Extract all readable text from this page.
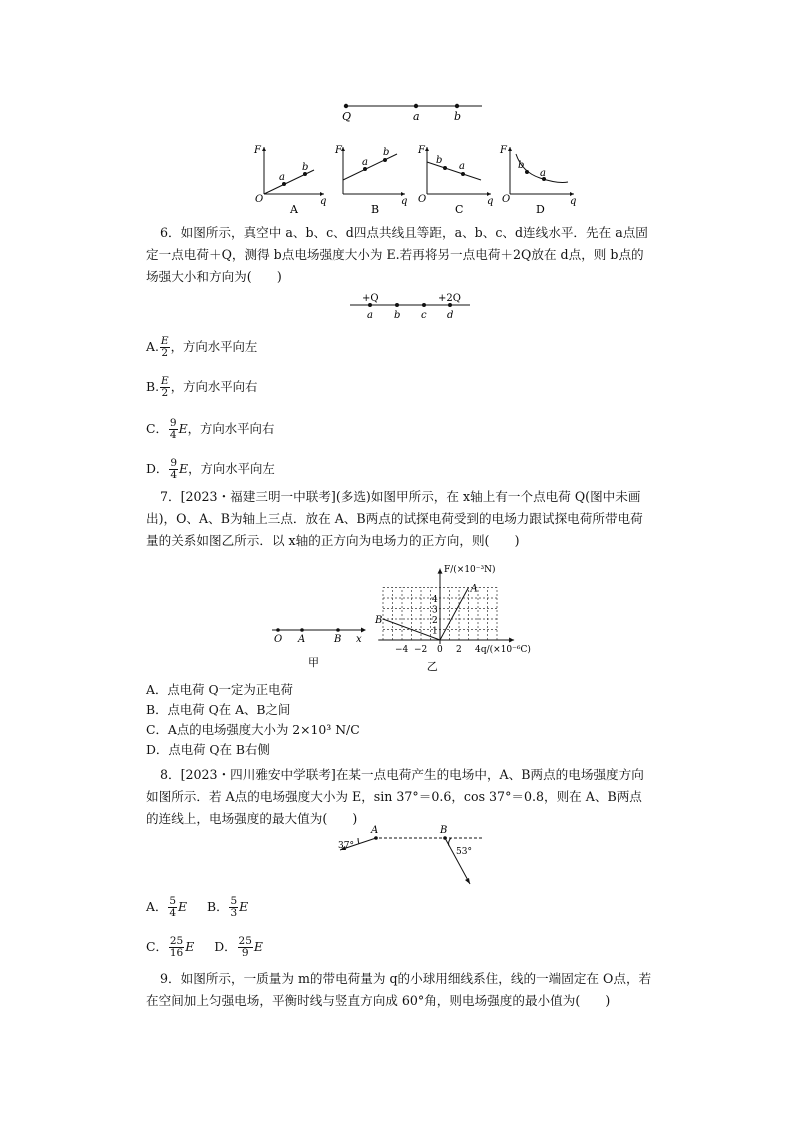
Q	a	b
F
O	q
a
b
A
F
q
a
b
B
F
O	q
b
a
C
F
O	q
b
a
D
6．如图所示，真空中 a、b、c、d四点共线且等距，a、b、c、d连线水平．先在 a点固定一点电荷＋Q，测得 b点电场强度大小为 E.若再将另一点电荷＋2Q放在 d点，则 b点的场强大小和方向为(　　)
+Q	+2Q
a b c d
A. $\frac{E}{2}$ ，方向水平向左
B. $\frac{E}{2}$ ，方向水平向右
C． $\frac{9}{4}$ E，方向水平向右
D． $\frac{9}{4}$ E，方向水平向左
7．[2023・福建三明一中联考](多选)如图甲所示，在 x轴上有一个点电荷 Q(图中未画出)，O、A、B为轴上三点．放在 A、B两点的试探电荷受到的电场力跟试探电荷所带电荷量的关系如图乙所示．以 x轴的正方向为电场力的正方向，则(　　)
O A	B x
甲
A
B
1
2
3
4
−4 −2 0 2 4
F/(×10⁻³N)
q/(×10⁻⁶C)
乙
A．点电荷 Q一定为正电荷
B．点电荷 Q在 A、B之间
C．A点的电场强度大小为 2×10³ N/C
D．点电荷 Q在 B右侧
8．[2023・四川雅安中学联考]在某一点电荷产生的电场中，A、B两点的电场强度方向如图所示．若 A点的电场强度大小为 E，sin 37°＝0.6，cos 37°＝0.8，则在 A、B两点的连线上，电场强度的最大值为(　　)
A	B
37°
53°
A． $\frac{5}{4}$ E B． $\frac{5}{3}$ E
C． $\frac{25}{16}$ E D． $\frac{25}{9}$ E
9．如图所示，一质量为 m的带电荷量为 q的小球用细线系住，线的一端固定在 O点，若在空间加上匀强电场，平衡时线与竖直方向成 60°角，则电场强度的最小值为(　　)
